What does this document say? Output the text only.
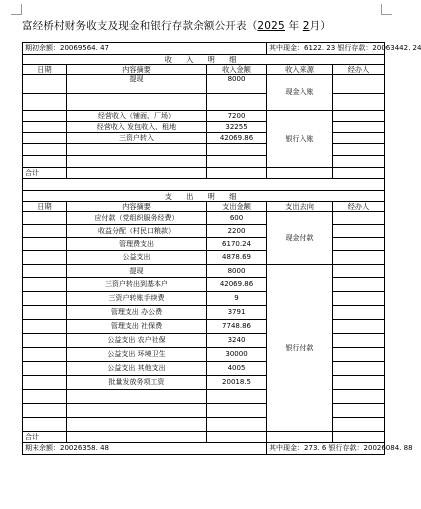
富经桥村财务收支及现金和银行存款余额公开表（2025 年 2月）
期初余额：20069564. 47			其中现金：6122. 23 银行存款：20063442. 24	
收 入 明 细				
日期	内容摘要	收入金额	收入来源	经办人
	提现	8000	现金入账	

	经营收入（铺面、厂场）	7200	银行入账	
	经营收入 发包收入、租地	32255		
	三资户转入	42069.86		

合计				

支 出 明 细				
日期	内容摘要	支出金额	支出去向	经办人
	应付款（党组织服务经费）	600	现金付款	
	收益分配（村民口粮款）	2200		
	管理费支出	6170.24		
	公益支出	4878.69		
	提现	8000	银行付款	
	三资户转出到基本户	42069.86		
	三资户转账手续费	9		
	管理支出 办公费	3791		
	管理支出 社保费	7748.86		
	公益支出 农户社保	3240		
	公益支出 环境卫生	30000		
	公益支出 其他支出	4005		
	批量发放务项工资	20018.5		

合计				
期末余额：20026358. 48			其中现金：273. 6 银行存款：20026084. 88	
